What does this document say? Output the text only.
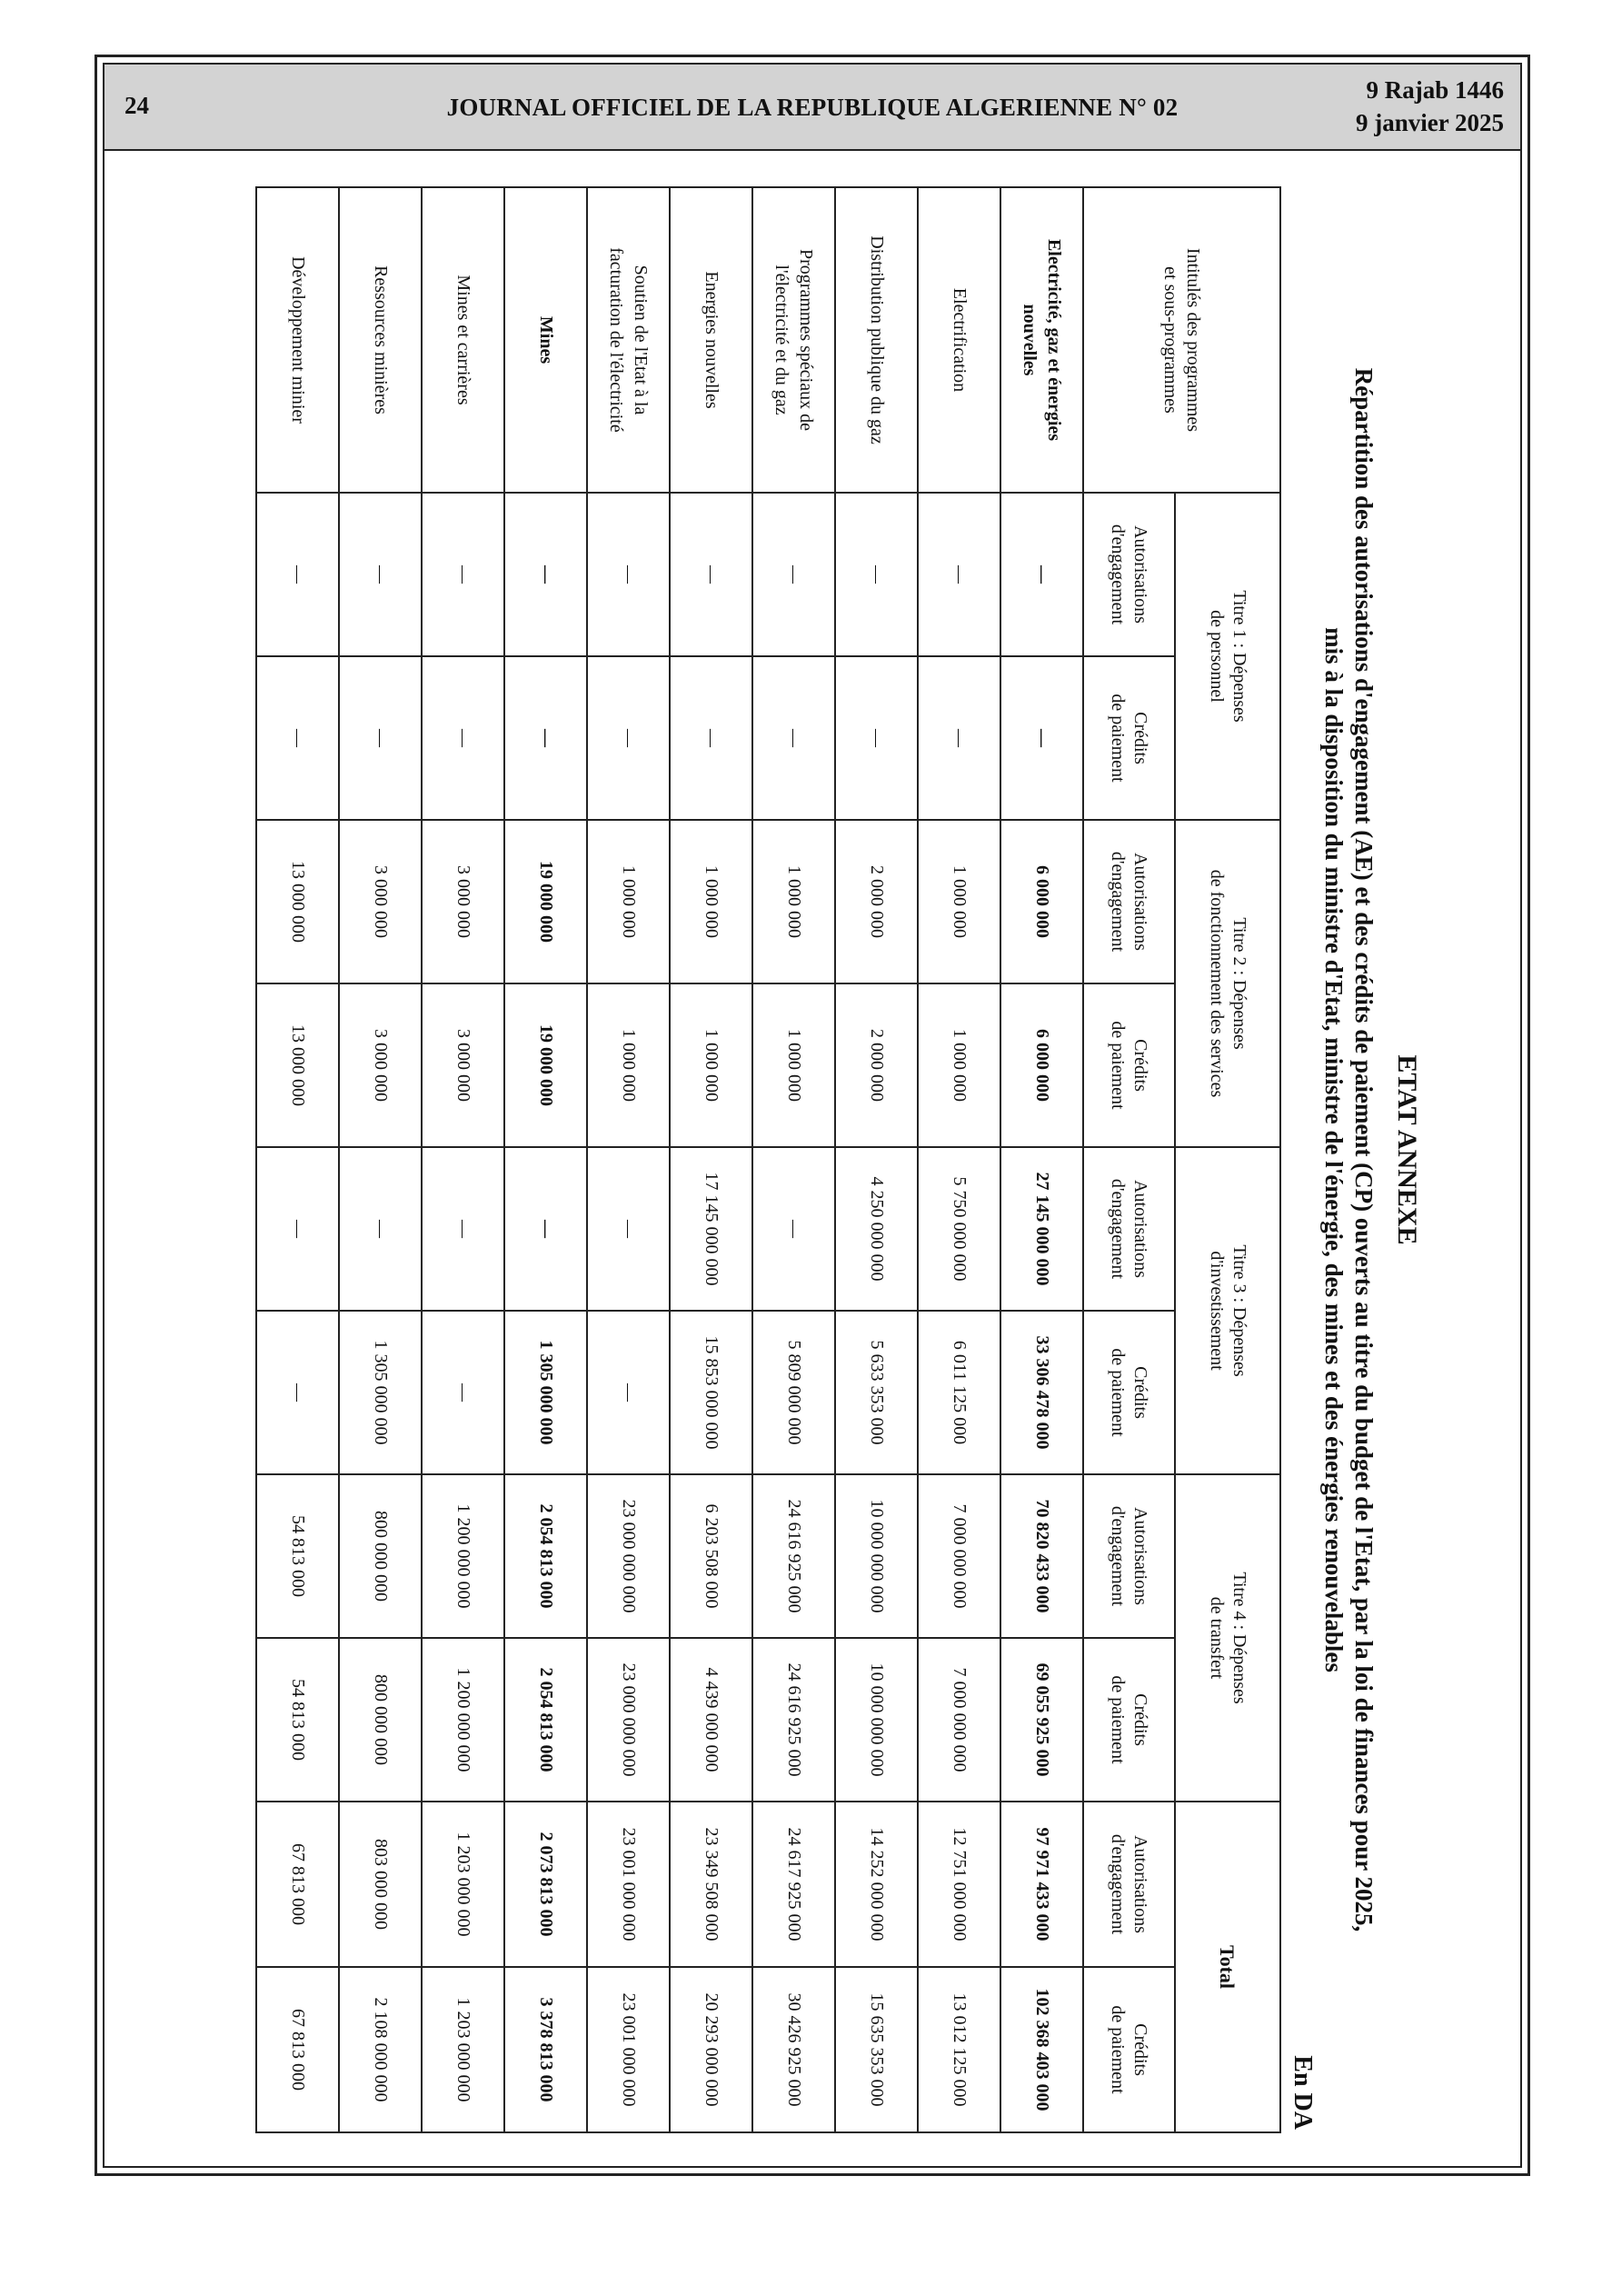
24	JOURNAL OFFICIEL DE LA REPUBLIQUE ALGERIENNE N° 02
9 Rajab 1446
9 janvier 2025
ETAT ANNEXE
Répartition des autorisations d'engagement (AE) et des crédits de paiement (CP) ouverts au titre du budget de l'Etat, par la loi de finances pour 2025,
mis à la disposition du ministre d'Etat, ministre de l'énergie, des mines et des énergies renouvelables
En DA
Intitulés des programmes
et sous-programmes	Titre 1 : Dépenses
de personnel		Titre 2 : Dépenses
de fonctionnement des services		Titre 3 : Dépenses
d'investissement		Titre 4 : Dépenses
de transfert		Total	
	Autorisations
d'engagement	Crédits
de paiement	Autorisations
d'engagement	Crédits
de paiement	Autorisations
d'engagement	Crédits
de paiement	Autorisations
d'engagement	Crédits
de paiement	Autorisations
d'engagement	Crédits
de paiement
Electricité, gaz et énergies
nouvelles	—	—	6 000 000	6 000 000	27 145 000 000	33 306 478 000	70 820 433 000	69 055 925 000	97 971 433 000	102 368 403 000
Electrification	—	—	1 000 000	1 000 000	5 750 000 000	6 011 125 000	7 000 000 000	7 000 000 000	12 751 000 000	13 012 125 000
Distribution publique du gaz	—	—	2 000 000	2 000 000	4 250 000 000	5 633 353 000	10 000 000 000	10 000 000 000	14 252 000 000	15 635 353 000
Programmes spéciaux de
l'électricité et du gaz	—	—	1 000 000	1 000 000	—	5 809 000 000	24 616 925 000	24 616 925 000	24 617 925 000	30 426 925 000
Energies nouvelles	—	—	1 000 000	1 000 000	17 145 000 000	15 853 000 000	6 203 508 000	4 439 000 000	23 349 508 000	20 293 000 000
Soutien de l'Etat à la
facturation de l'électricité	—	—	1 000 000	1 000 000	—	—	23 000 000 000	23 000 000 000	23 001 000 000	23 001 000 000
Mines	—	—	19 000 000	19 000 000	—	1 305 000 000	2 054 813 000	2 054 813 000	2 073 813 000	3 378 813 000
Mines et carrières	—	—	3 000 000	3 000 000	—	—	1 200 000 000	1 200 000 000	1 203 000 000	1 203 000 000
Ressources minières	—	—	3 000 000	3 000 000	—	1 305 000 000	800 000 000	800 000 000	803 000 000	2 108 000 000
Développement minier	—	—	13 000 000	13 000 000	—	—	54 813 000	54 813 000	67 813 000	67 813 000
